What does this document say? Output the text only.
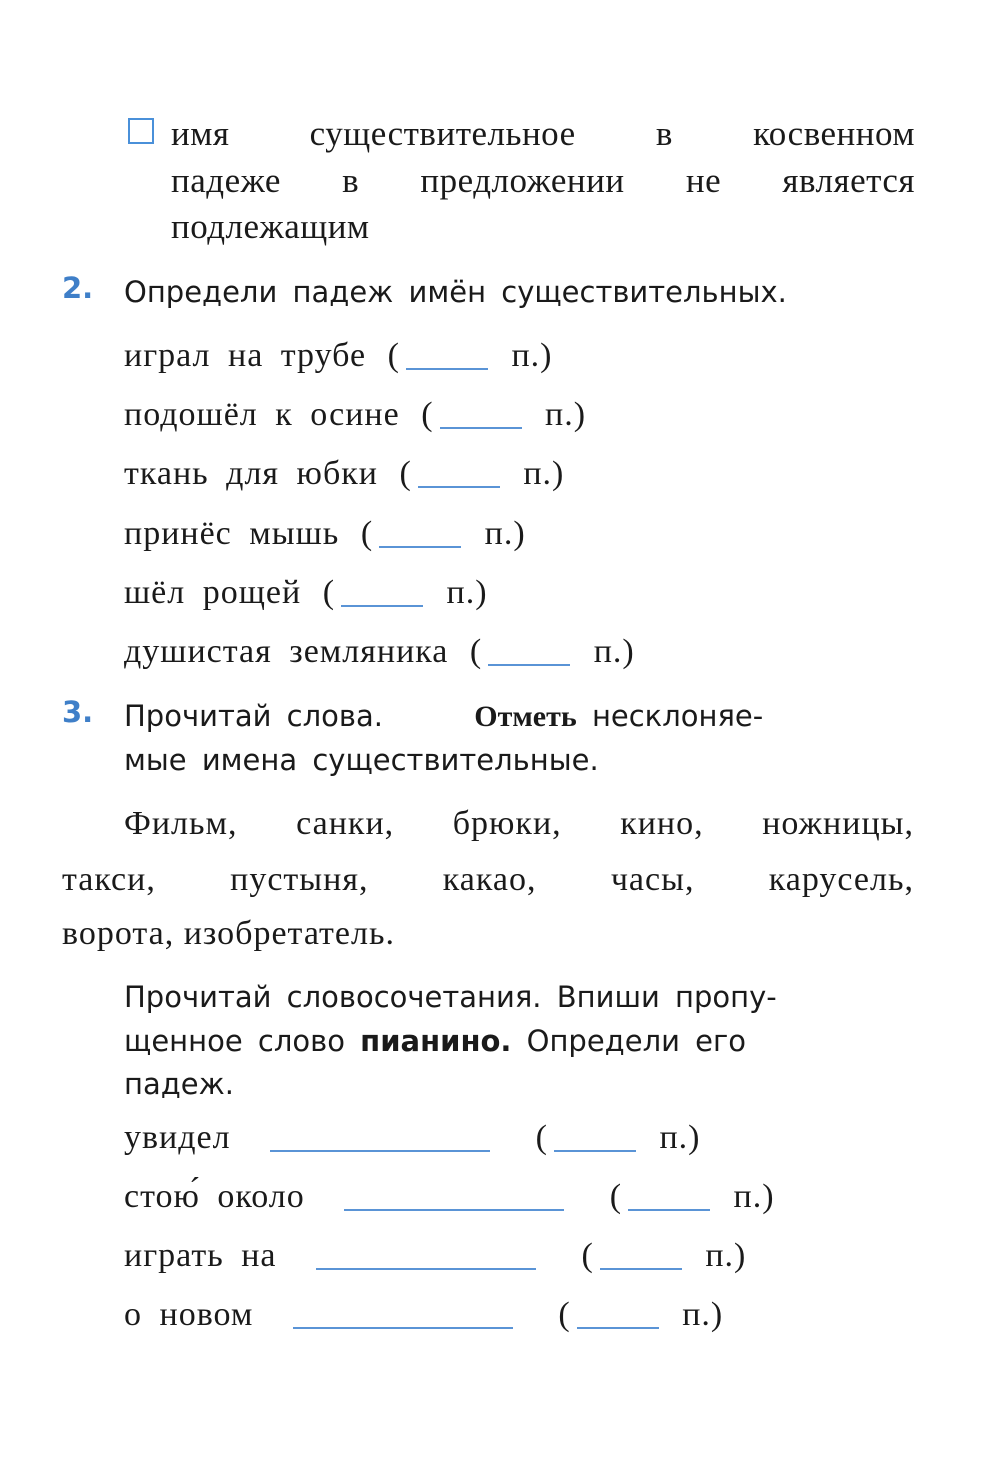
имя существительное в косвенном
падеже в предложении не является
подлежащим
2. Определи падеж имён существительных.
играл на трубе (	п.)
подошёл к осине (	п.)
ткань для юбки (	п.)
принёс мышь (	п.)
шёл рощей (	п.)
душистая земляника (	п.)
3. Прочитай слова.	Отметь несклоняе-
мые имена существительные.
Фильм, санки, брюки, кино, ножницы,
такси, пустыня, какао, часы, карусель,
ворота, изобретатель.
Прочитай словосочетания. Впиши пропу-
щенное слово пианино. Определи его
падеж.
увидел	(	п.)
стою́ около	(	п.)
играть на	(	п.)
о новом	(	п.)
